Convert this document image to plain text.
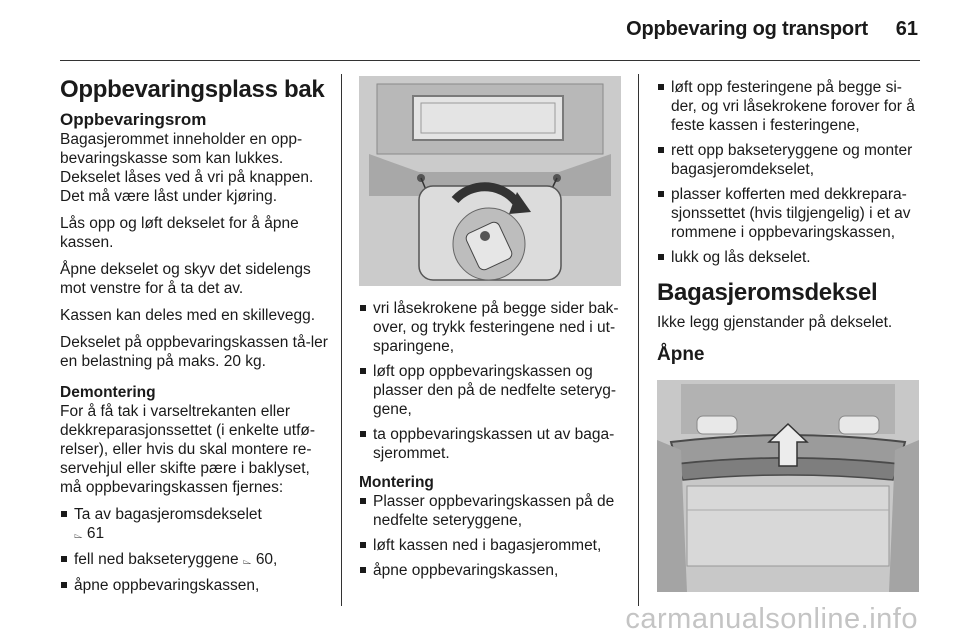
Oppbevaring og transport 61
Oppbevaringsplass bak
Oppbevaringsrom

Bagasjerommet inneholder en opp-bevaringskasse som kan lukkes. Dekselet låses ved å vri på knappen. Det må være låst under kjøring.

Lås opp og løft dekselet for å åpne kassen.

Åpne dekselet og skyv det sidelengs mot venstre for å ta det av.

Kassen kan deles med en skillevegg.

Dekselet på oppbevaringskassen tå-ler en belastning på maks. 20 kg.

Demontering

For å få tak i varseltrekanten eller dekkreparasjonssettet (i enkelte utfø-relser), eller hvis du skal montere re-servehjul eller skifte pære i baklyset, må oppbevaringskassen fjernes:

Ta av bagasjeromsdekselet
⌳ 61
fell ned bakseteryggene ⌳ 60,
åpne oppbevaringskassen,
vri låsekrokene på begge sider bak-over, og trykk festeringene ned i ut-sparingene,
løft opp oppbevaringskassen og plasser den på de nedfelte seteryg-gene,
ta oppbevaringskassen ut av baga-sjerommet.
Montering
Plasser oppbevaringskassen på de nedfelte seteryggene,
løft kassen ned i bagasjerommet,
åpne oppbevaringskassen,
løft opp festeringene på begge si-der, og vri låsekrokene forover for å feste kassen i festeringene,
rett opp bakseteryggene og monter bagasjeromdekselet,
plasser kofferten med dekkrepara-sjonssettet (hvis tilgjengelig) i et av rommene i oppbevaringskassen,
lukk og lås dekselet.
Bagasjeromsdeksel

Ikke legg gjenstander på dekselet.

Åpne
carmanualsonline.info
